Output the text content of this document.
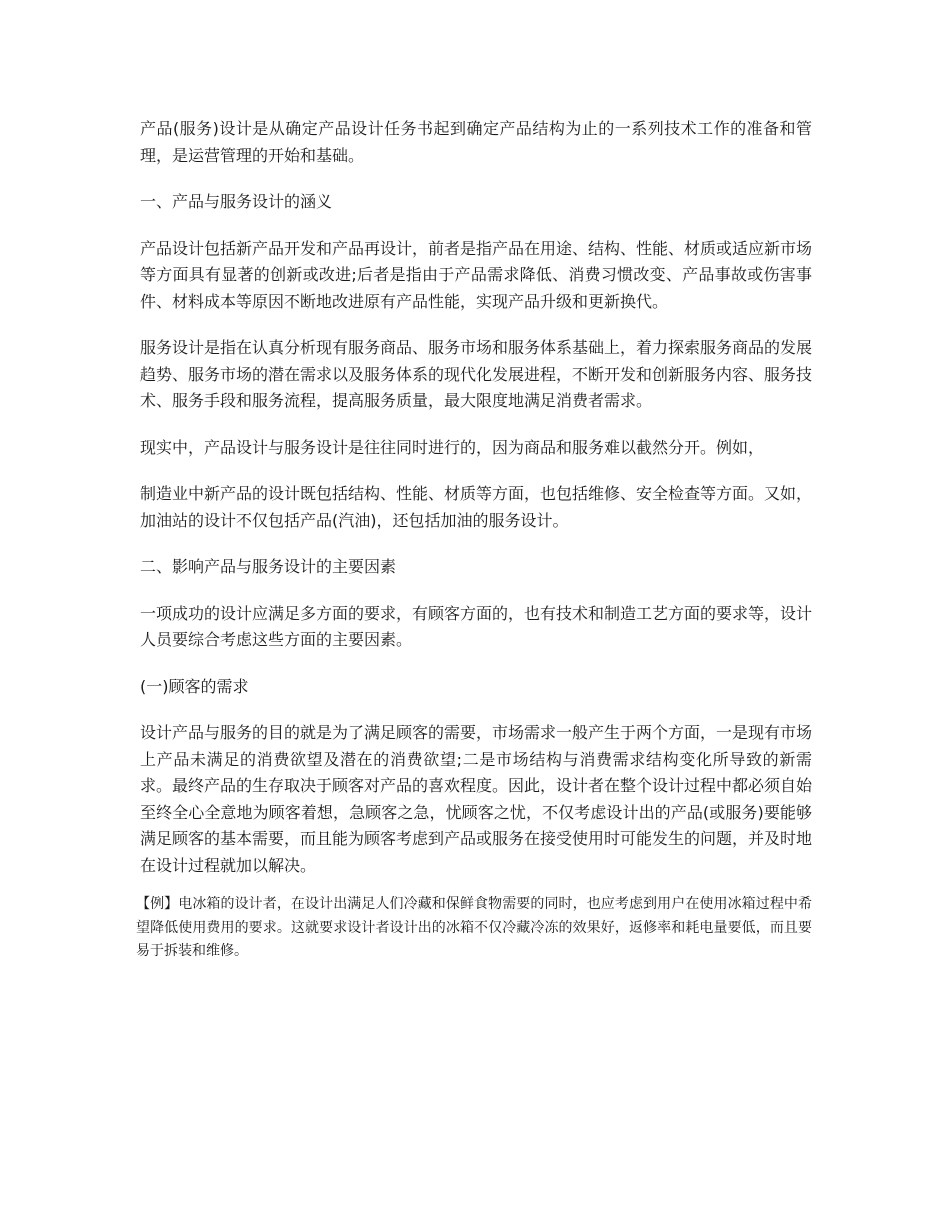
产品(服务)设计是从确定产品设计任务书起到确定产品结构为止的一系列技术工作的准备和管理，是运营管理的开始和基础。

一、产品与服务设计的涵义

产品设计包括新产品开发和产品再设计，前者是指产品在用途、结构、性能、材质或适应新市场等方面具有显著的创新或改进;后者是指由于产品需求降低、消费习惯改变、产品事故或伤害事件、材料成本等原因不断地改进原有产品性能，实现产品升级和更新换代。

服务设计是指在认真分析现有服务商品、服务市场和服务体系基础上，着力探索服务商品的发展趋势、服务市场的潜在需求以及服务体系的现代化发展进程，不断开发和创新服务内容、服务技术、服务手段和服务流程，提高服务质量，最大限度地满足消费者需求。

现实中，产品设计与服务设计是往往同时进行的，因为商品和服务难以截然分开。例如，

制造业中新产品的设计既包括结构、性能、材质等方面，也包括维修、安全检查等方面。又如，加油站的设计不仅包括产品(汽油)，还包括加油的服务设计。

二、影响产品与服务设计的主要因素

一项成功的设计应满足多方面的要求，有顾客方面的，也有技术和制造工艺方面的要求等，设计人员要综合考虑这些方面的主要因素。

(一)顾客的需求

设计产品与服务的目的就是为了满足顾客的需要，市场需求一般产生于两个方面，一是现有市场上产品未满足的消费欲望及潜在的消费欲望;二是市场结构与消费需求结构变化所导致的新需求。最终产品的生存取决于顾客对产品的喜欢程度。因此，设计者在整个设计过程中都必须自始至终全心全意地为顾客着想，急顾客之急，忧顾客之忧，不仅考虑设计出的产品(或服务)要能够满足顾客的基本需要，而且能为顾客考虑到产品或服务在接受使用时可能发生的问题，并及时地在设计过程就加以解决。

【例】电冰箱的设计者，在设计出满足人们冷藏和保鲜食物需要的同时，也应考虑到用户在使用冰箱过程中希望降低使用费用的要求。这就要求设计者设计出的冰箱不仅冷藏冷冻的效果好，返修率和耗电量要低，而且要易于拆装和维修。
